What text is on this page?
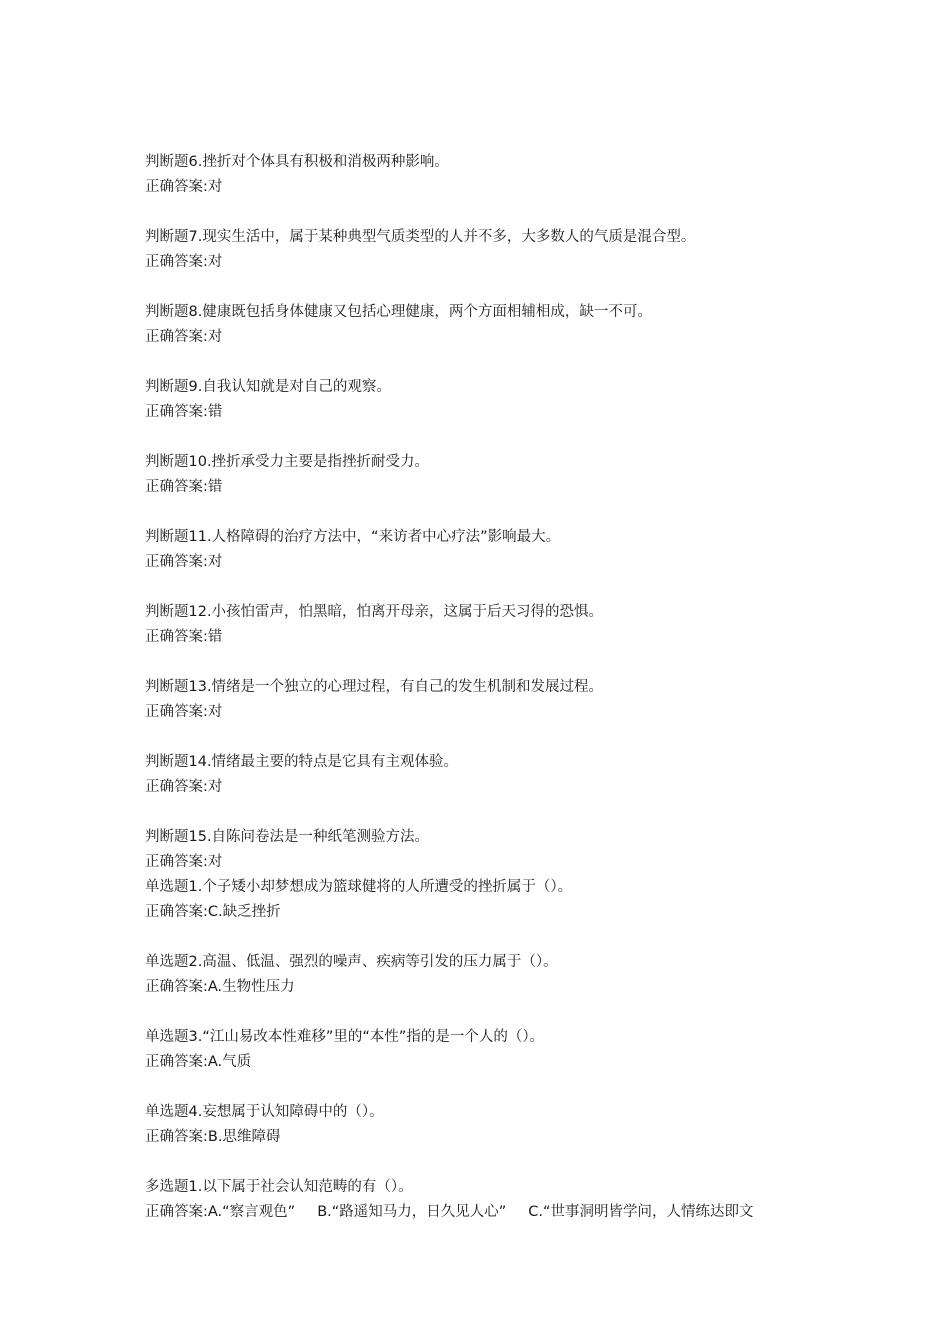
判断题6.挫折对个体具有积极和消极两种影响。
正确答案:对
判断题7.现实生活中，属于某种典型气质类型的人并不多，大多数人的气质是混合型。
正确答案:对
判断题8.健康既包括身体健康又包括心理健康，两个方面相辅相成，缺一不可。
正确答案:对
判断题9.自我认知就是对自己的观察。
正确答案:错
判断题10.挫折承受力主要是指挫折耐受力。
正确答案:错
判断题11.人格障碍的治疗方法中，“来访者中心疗法”影响最大。
正确答案:对
判断题12.小孩怕雷声，怕黑暗，怕离开母亲，这属于后天习得的恐惧。
正确答案:错
判断题13.情绪是一个独立的心理过程，有自己的发生机制和发展过程。
正确答案:对
判断题14.情绪最主要的特点是它具有主观体验。
正确答案:对
判断题15.自陈问卷法是一种纸笔测验方法。
正确答案:对
单选题1.个子矮小却梦想成为篮球健将的人所遭受的挫折属于（）。
正确答案:C.缺乏挫折
单选题2.高温、低温、强烈的噪声、疾病等引发的压力属于（）。
正确答案:A.生物性压力
单选题3.“江山易改本性难移”里的“本性”指的是一个人的（）。
正确答案:A.气质
单选题4.妄想属于认知障碍中的（）。
正确答案:B.思维障碍
多选题1.以下属于社会认知范畴的有（）。
正确答案:A.“察言观色” B.“路遥知马力，日久见人心” C.“世事洞明皆学问，人情练达即文
